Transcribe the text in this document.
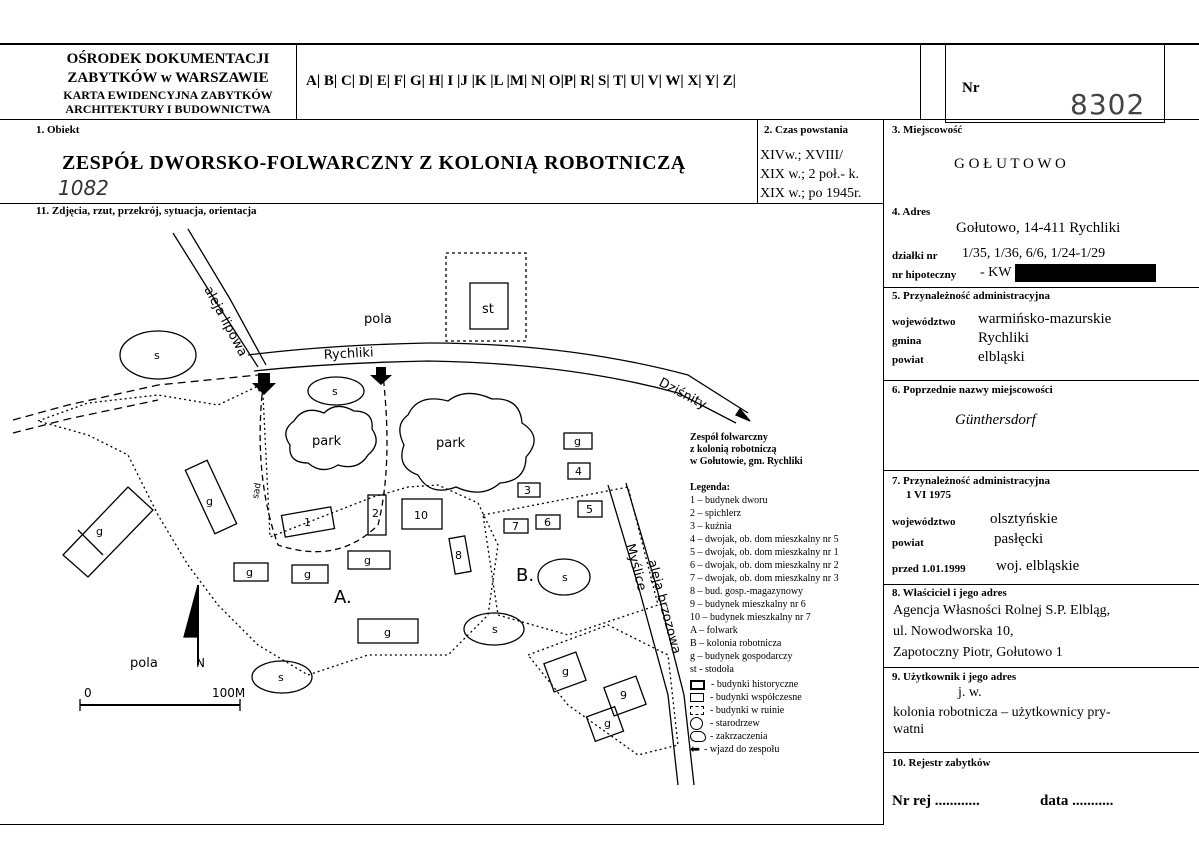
OŚRODEK DOKUMENTACJI
ZABYTKÓW w WARSZAWIE
KARTA EWIDENCYJNA ZABYTKÓW
ARCHITEKTURY I BUDOWNICTWA
A| B| C| D| E| F| G| H| I |J |K |L |M| N| O|P| R| S| T| U| V| W| X| Y| Z|	Nr	8302
1. Obiekt
ZESPÓŁ DWORSKO-FOLWARCZNY Z KOLONIĄ ROBOTNICZĄ
1082
2. Czas powstania
XIVw.; XVIII/
XIX w.; 2 poł.- k.
XIX w.; po 1945r.
3. Miejscowość
G O Ł U T O W O
11. Zdjęcia, rzut, przekrój, sytuacja, orientacja	4. Adres
Gołutowo, 14-411 Rychliki
działki nr 1/35, 1/36, 6/6, 1/24-1/29
nr hipoteczny - KW
5. Przynależność administracyjna
województwo warmińsko-mazurskie
gmina	Rychliki
powiat	elbląski
6. Poprzednie nazwy miejscowości
Günthersdorf
7. Przynależność administracyjna
1 VI 1975
województwo olsztyńskie
powiat	pasłęcki
przed 1.01.1999 woj. elbląskie
8. Właściciel i jego adres
Agencja Własności Rolnej S.P. Elbląg,
ul. Nowodworska 10,
Zapotoczny Piotr, Gołutowo 1
9. Użytkownik i jego adres
j. w.
kolonia robotnicza – użytkownicy pry-
watni
10. Rejestr zabytków
Nr rej ............	data ...........
pola
pola
Rychliki
Dziśnity
aleja lipowa
aleja brzozowa
Myślice
park	park
st
A.
B.
N
0	100M
sad
1
2	10
8
3
4
5
6
7
9
s
s
s
s
s
g
g	g
g
g
g
g
g
g
Zespół folwarczny
z kolonią robotniczą
w Gołutowie, gm. Rychliki
Legenda:
1 – budynek dworu
2 – spichlerz
3 – kuźnia
4 – dwojak, ob. dom mieszkalny nr 5
5 – dwojak, ob. dom mieszkalny nr 1
6 – dwojak, ob. dom mieszkalny nr 2
7 – dwojak, ob. dom mieszkalny nr 3
8 – bud. gosp.-magazynowy
9 – budynek mieszkalny nr 6
10 – budynek mieszkalny nr 7
A – folwark
B – kolonia robotnicza
g – budynek gospodarczy
st - stodoła
- budynki historyczne
- budynki współczesne
- budynki w ruinie
- starodrzew
- zakrzaczenia
⬅ - wjazd do zespołu
